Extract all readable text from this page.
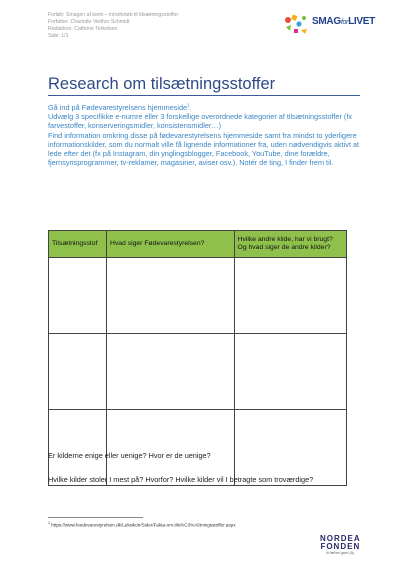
Forløb: Smagen af kemi – introforløb til tilsætningsstoffer
Forfatter: Charlotte Vedhor Schmidt
Redaktion: Cathrine Terkelsen
Side: 1/1
SMAGforLIVET
Research om tilsætningsstoffer

Gå ind på Fødevarestyrelsens hjemmeside$^1$.

Udvælg 3 specifikke e-numre eller 3 forskellige overordnede kategorier af tilsætningsstoffer (fx farvestoffer, konserveringsmidler, konsistensmidler…)

Find information omkring disse på fødevarestyrelsens hjemmeside samt fra mindst to yderligere informationskilder, som du normalt ville få lignende informationer fra, uden nødvendigvis aktivt at lede efter det (fx på Instagram, din ynglingsblogger, Facebook, YouTube, dine forældre, fjernsynsprogrammer, tv-reklamer, magasiner, aviser osv.). Notér de ting, I finder frem til.

Tilsætningsstof	Hvad siger Fødevarestyrelsen?	Hvilke andre kilde, har vi brugt? Og hvad siger de andre kilder?

Er kilderne enige eller uenige? Hvor er de uenige?
Hvilke kilder stoler I mest på? Hvorfor? Hvilke kilder vil I betragte som troværdige?
$^1$ https://www.foedevarestyrelsen.dk/Leksikon/Sider/Fakta-om-tils%C3%A6tningsstoffer.aspx
NORDEA
FONDEN
til fælles gavn (A)
